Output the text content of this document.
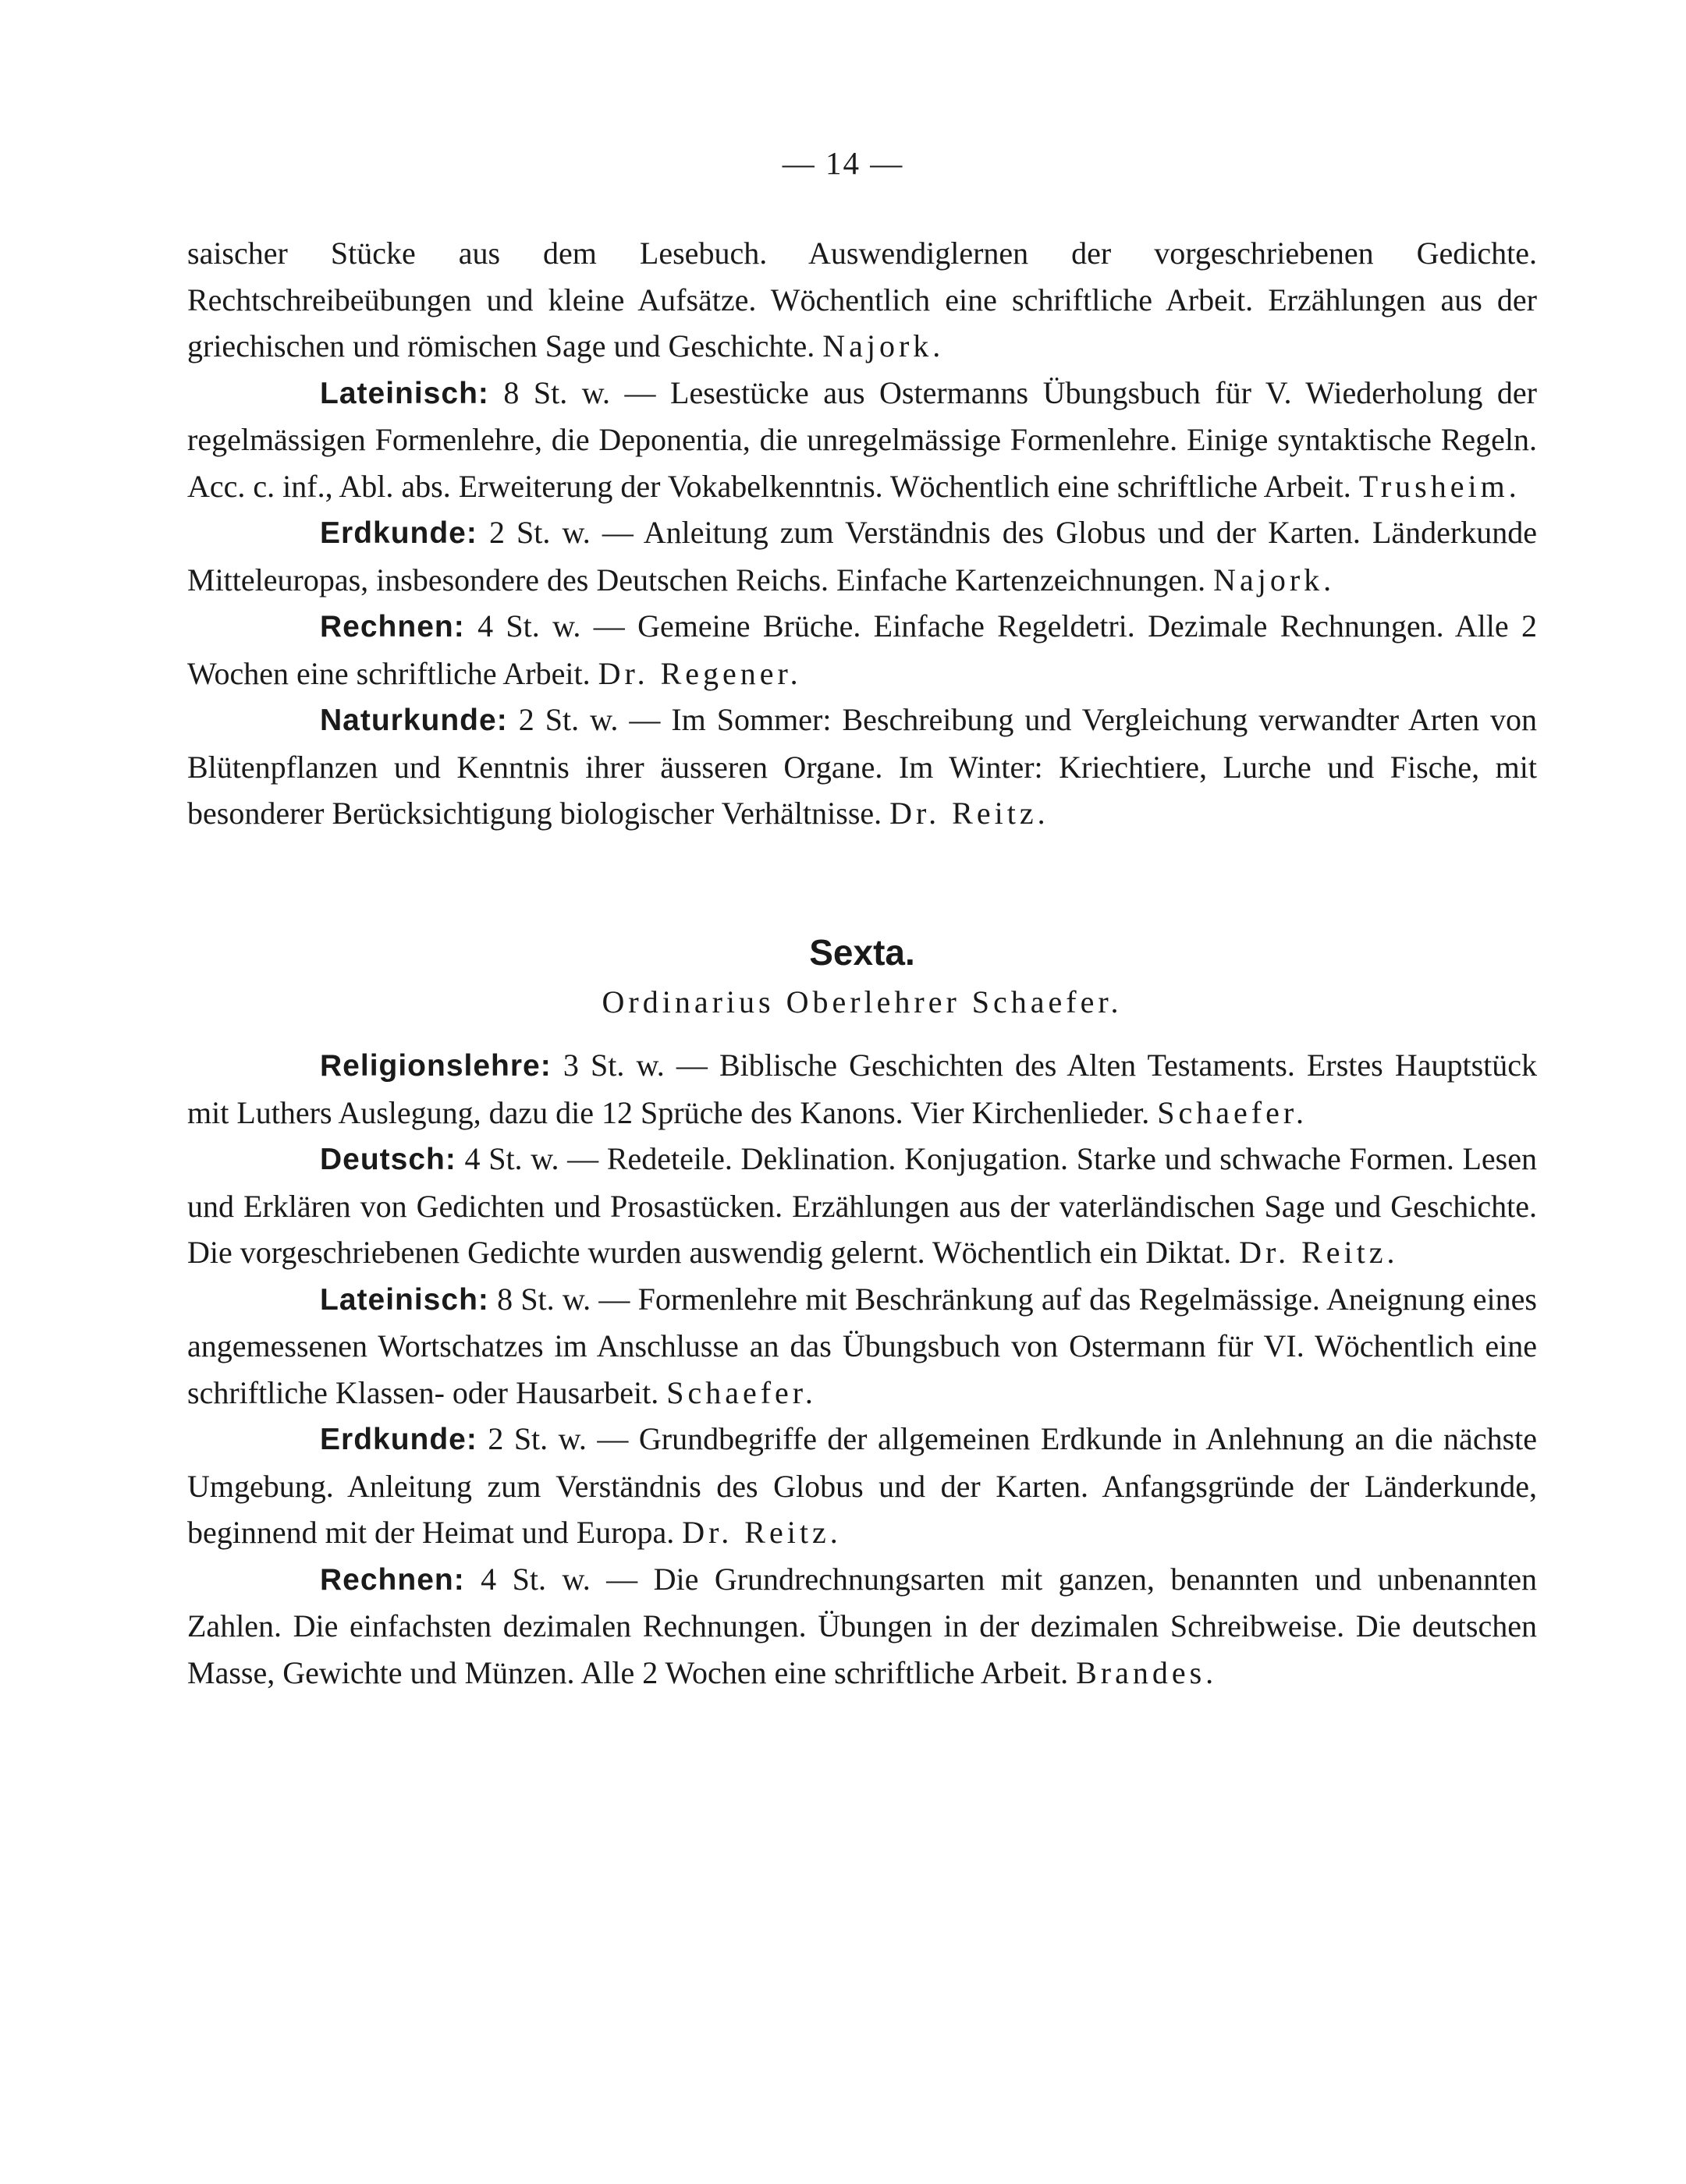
— 14 —

saischer Stücke aus dem Lesebuch. Auswendiglernen der vorgeschriebenen Gedichte. Rechtschreibeübungen und kleine Aufsätze. Wöchentlich eine schriftliche Arbeit. Erzählungen aus der griechischen und römischen Sage und Geschichte. Najork.

Lateinisch: 8 St. w. — Lesestücke aus Ostermanns Übungsbuch für V. Wiederholung der regelmässigen Formenlehre, die Deponentia, die unregelmässige Formenlehre. Einige syntaktische Regeln. Acc. c. inf., Abl. abs. Erweiterung der Vokabelkenntnis. Wöchentlich eine schriftliche Arbeit. Trusheim.

Erdkunde: 2 St. w. — Anleitung zum Verständnis des Globus und der Karten. Länderkunde Mitteleuropas, insbesondere des Deutschen Reichs. Einfache Kartenzeichnungen. Najork.

Rechnen: 4 St. w. — Gemeine Brüche. Einfache Regeldetri. Dezimale Rechnungen. Alle 2 Wochen eine schriftliche Arbeit. Dr. Regener.

Naturkunde: 2 St. w. — Im Sommer: Beschreibung und Vergleichung verwandter Arten von Blütenpflanzen und Kenntnis ihrer äusseren Organe. Im Winter: Kriechtiere, Lurche und Fische, mit besonderer Berücksichtigung biologischer Verhältnisse. Dr. Reitz.

Sexta.
Ordinarius Oberlehrer Schaefer.

Religionslehre: 3 St. w. — Biblische Geschichten des Alten Testaments. Erstes Hauptstück mit Luthers Auslegung, dazu die 12 Sprüche des Kanons. Vier Kirchenlieder. Schaefer.

Deutsch: 4 St. w. — Redeteile. Deklination. Konjugation. Starke und schwache Formen. Lesen und Erklären von Gedichten und Prosastücken. Erzählungen aus der vaterländischen Sage und Geschichte. Die vorgeschriebenen Gedichte wurden auswendig gelernt. Wöchentlich ein Diktat. Dr. Reitz.

Lateinisch: 8 St. w. — Formenlehre mit Beschränkung auf das Regelmässige. Aneignung eines angemessenen Wortschatzes im Anschlusse an das Übungsbuch von Ostermann für VI. Wöchentlich eine schriftliche Klassen- oder Hausarbeit. Schaefer.

Erdkunde: 2 St. w. — Grundbegriffe der allgemeinen Erdkunde in Anlehnung an die nächste Umgebung. Anleitung zum Verständnis des Globus und der Karten. Anfangsgründe der Länderkunde, beginnend mit der Heimat und Europa. Dr. Reitz.

Rechnen: 4 St. w. — Die Grundrechnungsarten mit ganzen, benannten und unbenannten Zahlen. Die einfachsten dezimalen Rechnungen. Übungen in der dezimalen Schreibweise. Die deutschen Masse, Gewichte und Münzen. Alle 2 Wochen eine schriftliche Arbeit. Brandes.
